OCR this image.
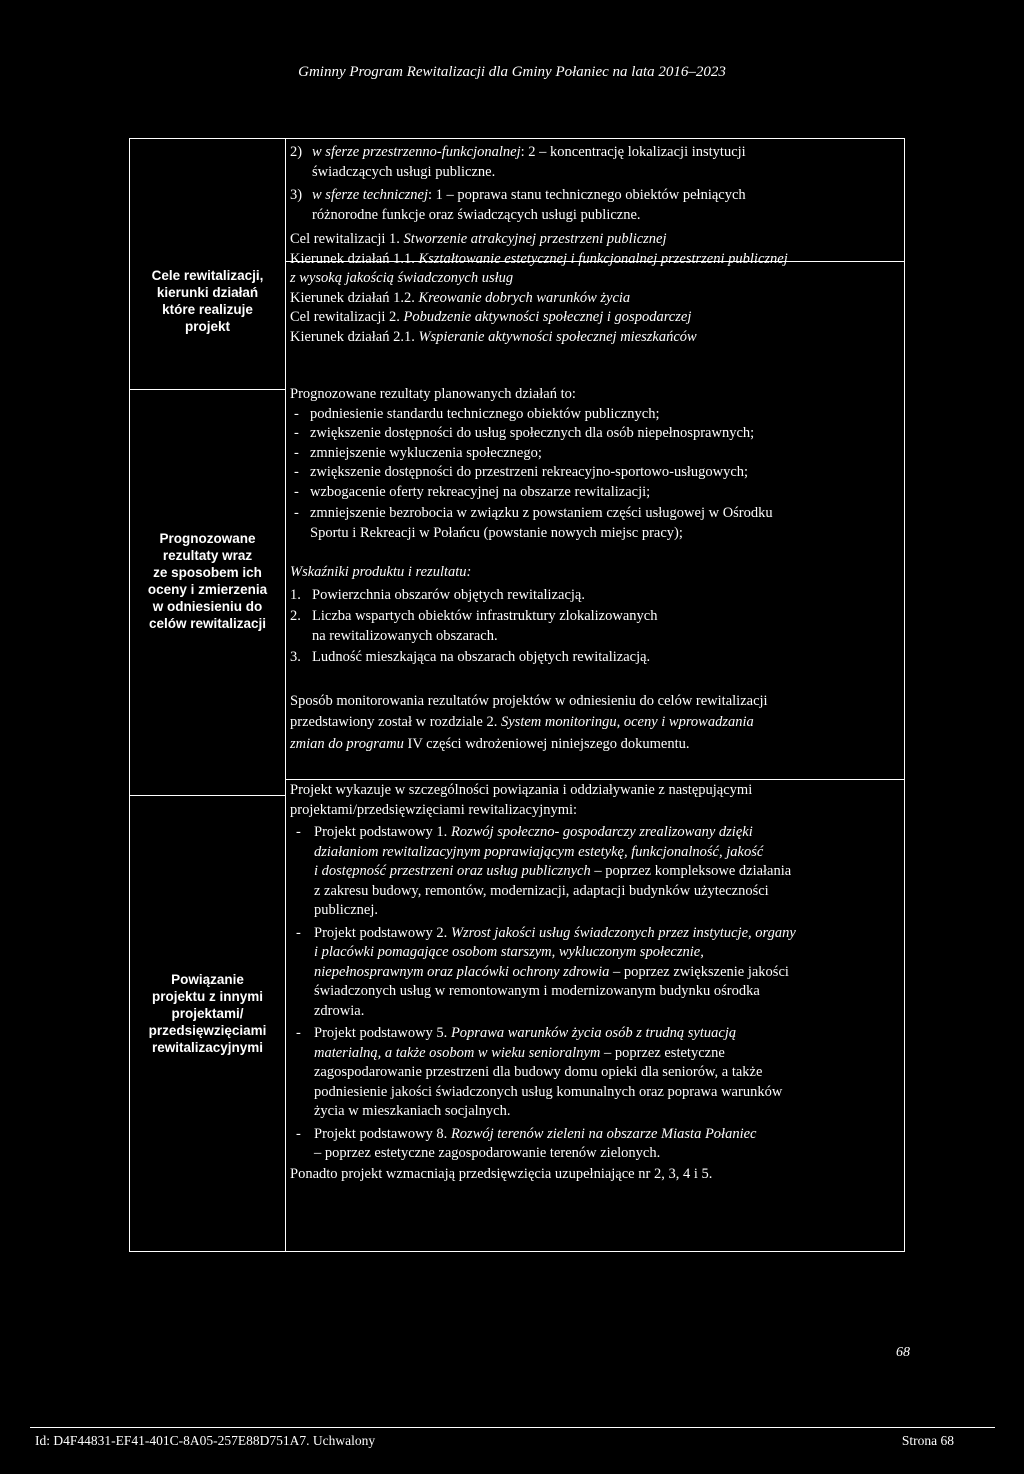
Gminny Program Rewitalizacji dla Gminy Połaniec na lata 2016–2023
Cele rewitalizacji,
kierunki działań
które realizuje
projekt
Prognozowane
rezultaty wraz
ze sposobem ich
oceny i zmierzenia
w odniesieniu do
celów rewitalizacji
Powiązanie
projektu z innymi
projektami/
przedsięwzięciami
rewitalizacyjnymi
2) w sferze przestrzenno-funkcjonalnej: 2 – koncentrację lokalizacji instytucji
świadczących usługi publiczne.
3) w sferze technicznej: 1 – poprawa stanu technicznego obiektów pełniących
różnorodne funkcje oraz świadczących usługi publiczne.
Cel rewitalizacji 1. Stworzenie atrakcyjnej przestrzeni publicznej
Kierunek działań 1.1. Kształtowanie estetycznej i funkcjonalnej przestrzeni publicznej
z wysoką jakością świadczonych usług
Kierunek działań 1.2. Kreowanie dobrych warunków życia
Cel rewitalizacji 2. Pobudzenie aktywności społecznej i gospodarczej
Kierunek działań 2.1. Wspieranie aktywności społecznej mieszkańców
Prognozowane rezultaty planowanych działań to:
- podniesienie standardu technicznego obiektów publicznych;
- zwiększenie dostępności do usług społecznych dla osób niepełnosprawnych;
- zmniejszenie wykluczenia społecznego;
- zwiększenie dostępności do przestrzeni rekreacyjno-sportowo-usługowych;
- wzbogacenie oferty rekreacyjnej na obszarze rewitalizacji;
- zmniejszenie bezrobocia w związku z powstaniem części usługowej w Ośrodku
Sportu i Rekreacji w Połańcu (powstanie nowych miejsc pracy);
Wskaźniki produktu i rezultatu:
1. Powierzchnia obszarów objętych rewitalizacją.
2. Liczba wspartych obiektów infrastruktury zlokalizowanych
na rewitalizowanych obszarach.
3. Ludność mieszkająca na obszarach objętych rewitalizacją.
Sposób monitorowania rezultatów projektów w odniesieniu do celów rewitalizacji
przedstawiony został w rozdziale 2. System monitoringu, oceny i wprowadzania
zmian do programu IV części wdrożeniowej niniejszego dokumentu.
Projekt wykazuje w szczególności powiązania i oddziaływanie z następującymi
projektami/przedsięwzięciami rewitalizacyjnymi:
- Projekt podstawowy 1. Rozwój społeczno- gospodarczy zrealizowany dzięki
działaniom rewitalizacyjnym poprawiającym estetykę, funkcjonalność, jakość
i dostępność przestrzeni oraz usług publicznych – poprzez kompleksowe działania
z zakresu budowy, remontów, modernizacji, adaptacji budynków użyteczności
publicznej.
- Projekt podstawowy 2. Wzrost jakości usług świadczonych przez instytucje, organy
i placówki pomagające osobom starszym, wykluczonym społecznie,
niepełnosprawnym oraz placówki ochrony zdrowia – poprzez zwiększenie jakości
świadczonych usług w remontowanym i modernizowanym budynku ośrodka
zdrowia.
- Projekt podstawowy 5. Poprawa warunków życia osób z trudną sytuacją
materialną, a także osobom w wieku senioralnym – poprzez estetyczne
zagospodarowanie przestrzeni dla budowy domu opieki dla seniorów, a także
podniesienie jakości świadczonych usług komunalnych oraz poprawa warunków
życia w mieszkaniach socjalnych.
- Projekt podstawowy 8. Rozwój terenów zieleni na obszarze Miasta Połaniec
– poprzez estetyczne zagospodarowanie terenów zielonych.
Ponadto projekt wzmacniają przedsięwzięcia uzupełniające nr 2, 3, 4 i 5.
68
Id: D4F44831-EF41-401C-8A05-257E88D751A7. Uchwalony	Strona 68
